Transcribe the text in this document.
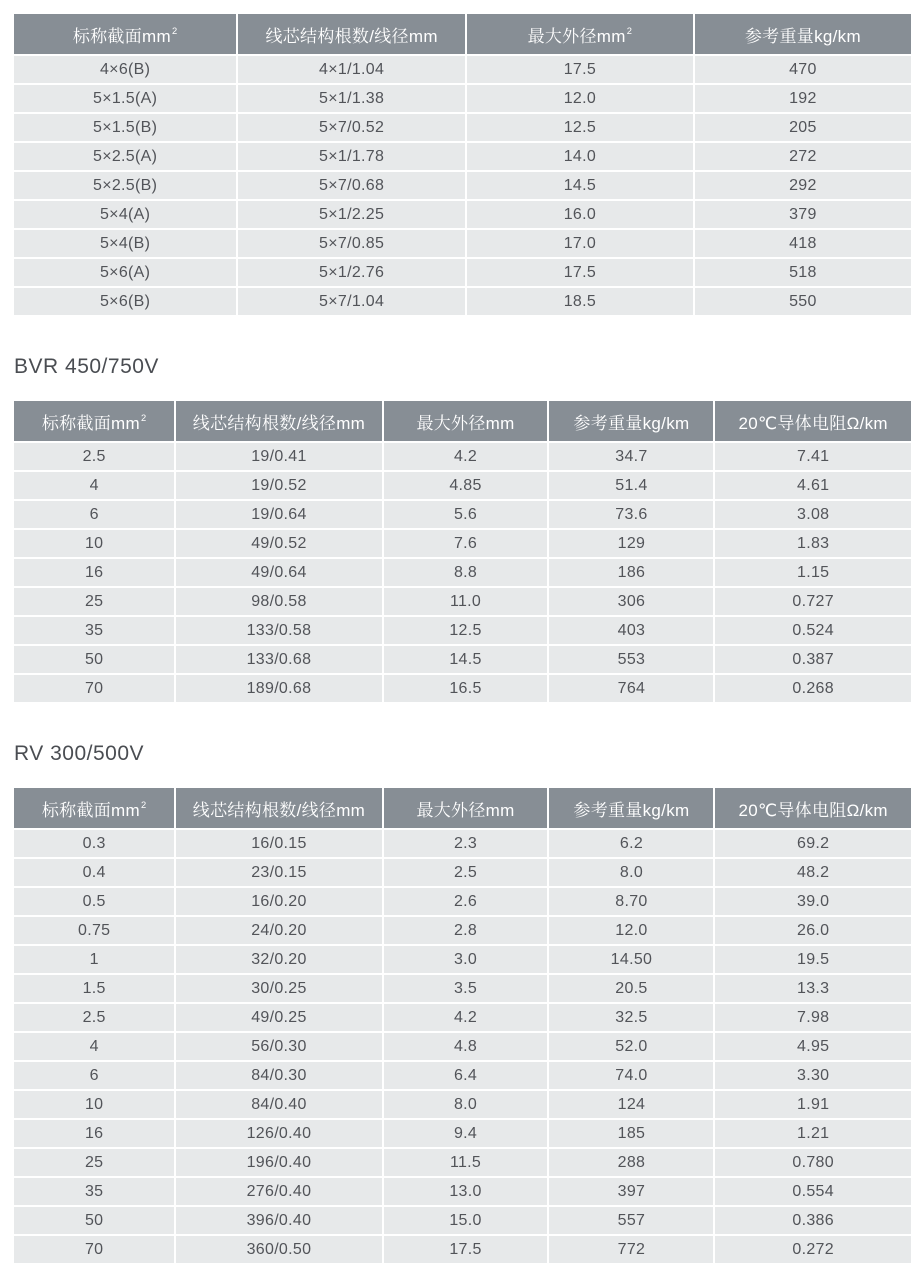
标称截面mm 2	线芯结构根数/线径mm	最大外径mm 2	参考重量kg/km
4×6(B)	4×1/1.04	17.5	470
5×1.5(A)	5×1/1.38	12.0	192
5×1.5(B)	5×7/0.52	12.5	205
5×2.5(A)	5×1/1.78	14.0	272
5×2.5(B)	5×7/0.68	14.5	292
5×4(A)	5×1/2.25	16.0	379
5×4(B)	5×7/0.85	17.0	418
5×6(A)	5×1/2.76	17.5	518
5×6(B)	5×7/1.04	18.5	550
BVR 450/750V
标称截面mm 2	线芯结构根数/线径mm	最大外径mm	参考重量kg/km	20℃导体电阻Ω/km
2.5	19/0.41	4.2	34.7	7.41
4	19/0.52	4.85	51.4	4.61
6	19/0.64	5.6	73.6	3.08
10	49/0.52	7.6	129	1.83
16	49/0.64	8.8	186	1.15
25	98/0.58	11.0	306	0.727
35	133/0.58	12.5	403	0.524
50	133/0.68	14.5	553	0.387
70	189/0.68	16.5	764	0.268
RV 300/500V
标称截面mm 2	线芯结构根数/线径mm	最大外径mm	参考重量kg/km	20℃导体电阻Ω/km
0.3	16/0.15	2.3	6.2	69.2
0.4	23/0.15	2.5	8.0	48.2
0.5	16/0.20	2.6	8.70	39.0
0.75	24/0.20	2.8	12.0	26.0
1	32/0.20	3.0	14.50	19.5
1.5	30/0.25	3.5	20.5	13.3
2.5	49/0.25	4.2	32.5	7.98
4	56/0.30	4.8	52.0	4.95
6	84/0.30	6.4	74.0	3.30
10	84/0.40	8.0	124	1.91
16	126/0.40	9.4	185	1.21
25	196/0.40	11.5	288	0.780
35	276/0.40	13.0	397	0.554
50	396/0.40	15.0	557	0.386
70	360/0.50	17.5	772	0.272
